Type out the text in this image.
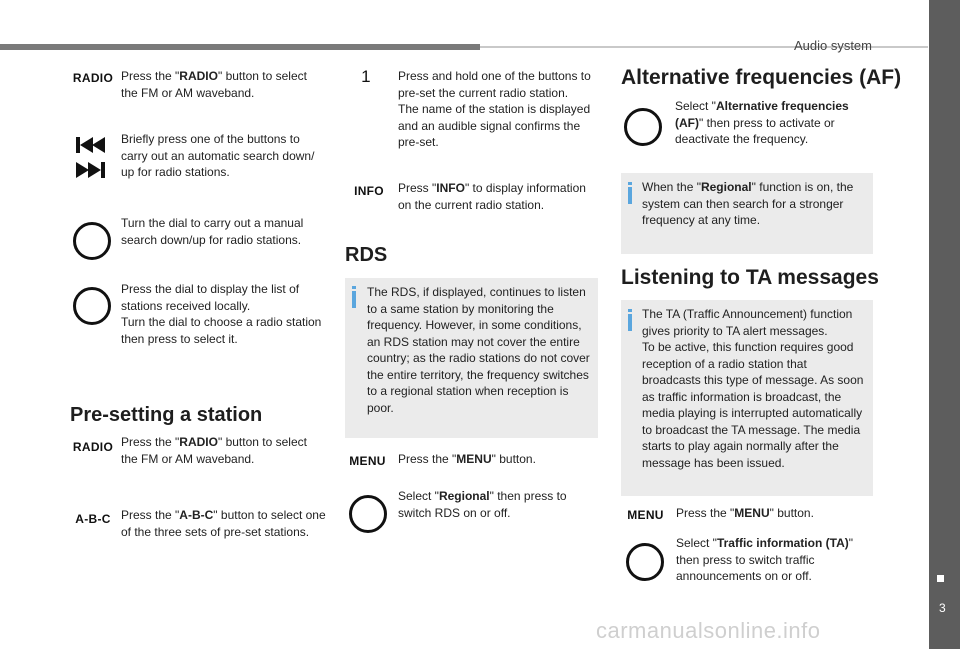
Audio system
3
RADIO Press the "RADIO" button to select the FM or AM waveband.
Briefly press one of the buttons to carry out an automatic search down/ up for radio stations.
Turn the dial to carry out a manual search down/up for radio stations.
Press the dial to display the list of stations received locally.
Turn the dial to choose a radio station then press to select it.
Pre-setting a station
RADIO Press the "RADIO" button to select the FM or AM waveband.
A-B-C Press the "A-B-C" button to select one of the three sets of pre-set stations.
1	Press and hold one of the buttons to pre-set the current radio station.
The name of the station is displayed and an audible signal confirms the pre-set.
INFO	Press "INFO" to display information on the current radio station.
RDS
The RDS, if displayed, continues to listen to a same station by monitoring the frequency. However, in some conditions, an RDS station may not cover the entire country; as the radio stations do not cover the entire territory, the frequency switches to a regional station when reception is poor.
MENU	Press the "MENU" button.
Select "Regional" then press to switch RDS on or off.
Alternative frequencies (AF)
Select "Alternative frequencies (AF)" then press to activate or deactivate the frequency.
When the "Regional" function is on, the system can then search for a stronger frequency at any time.
Listening to TA messages
The TA (Traffic Announcement) function gives priority to TA alert messages.
To be active, this function requires good reception of a radio station that broadcasts this type of message. As soon as traffic information is broadcast, the media playing is interrupted automatically to broadcast the TA message. The media starts to play again normally after the message has been issued.
MENU	Press the "MENU" button.
Select "Traffic information (TA)" then press to switch traffic announcements on or off.
carmanualsonline.info
